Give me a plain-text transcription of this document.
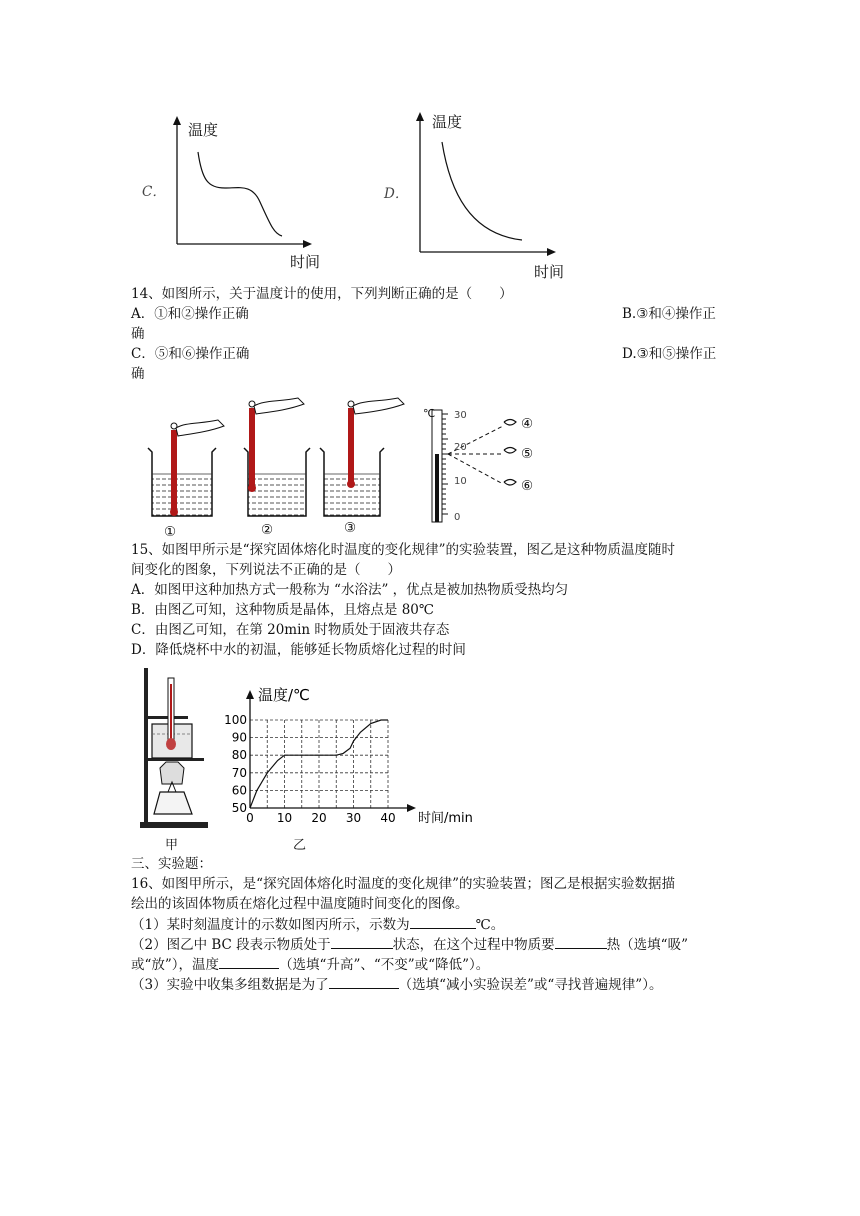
温度
时间
C．
温度
时间
D．
14、如图所示，关于温度计的使用，下列判断正确的是（　　）
A．①和②操作正确	B.③和④操作正
确
C．⑤和⑥操作正确	D.③和⑤操作正
确
①	②	③
℃ 30
20
10
0
④
⑤
⑥
15、如图甲所示是“探究固体熔化时温度的变化规律”的实验装置，图乙是这种物质温度随时
间变化的图象，下列说法不正确的是（　　）
A．如图甲这种加热方式一般称为 “水浴法” ，优点是被加热物质受热均匀
B．由图乙可知，这种物质是晶体，且熔点是 80℃
C．由图乙可知，在第 20min 时物质处于固液共存态
D．降低烧杯中水的初温，能够延长物质熔化过程的时间
甲	乙
0 10 20 30 40
50
60
70
80
90
100
温度/℃
时间/min
三、实验题：
16、如图甲所示，是“探究固体熔化时温度的变化规律”的实验装置；图乙是根据实验数据描
绘出的该固体物质在熔化过程中温度随时间变化的图像。
（1）某时刻温度计的示数如图丙所示，示数为	℃。
（2）图乙中 BC 段表示物质处于	状态，在这个过程中物质要	热（选填“吸”
或“放”），温度	（选填“升高”、“不变”或“降低”）。
（3）实验中收集多组数据是为了	（选填“减小实验误差”或“寻找普遍规律”）。
